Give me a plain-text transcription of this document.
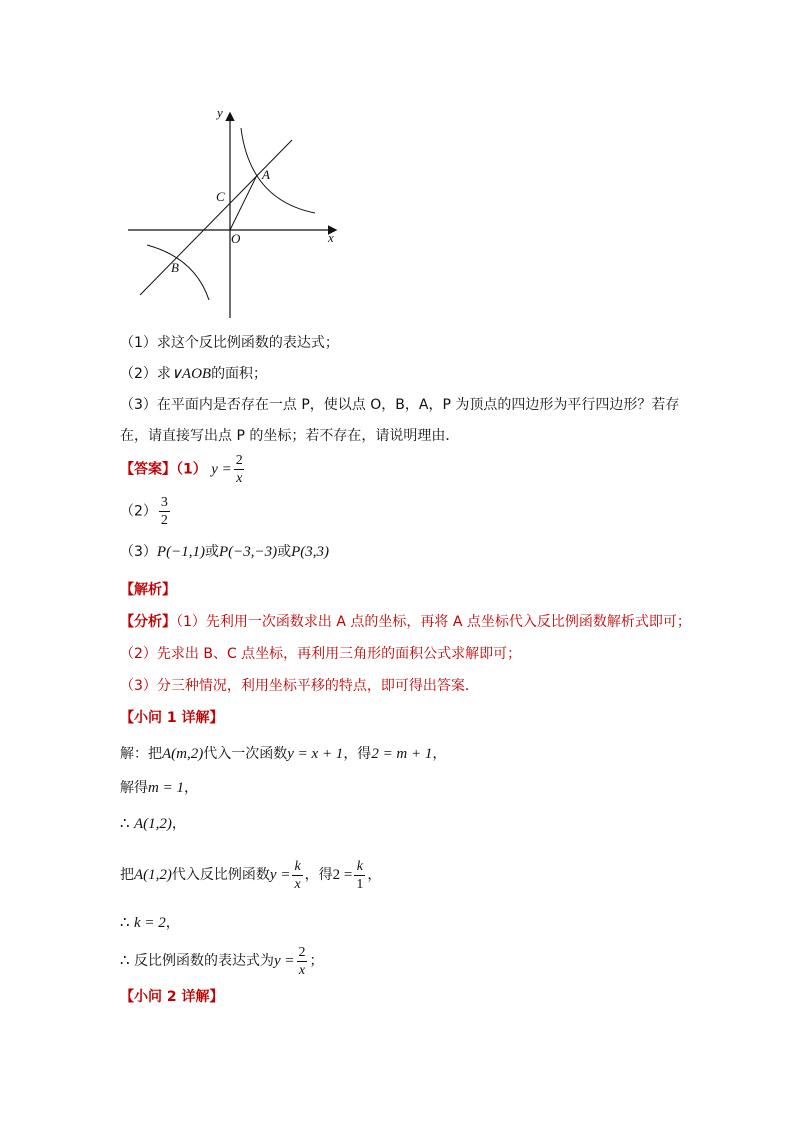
y
x
A
C
O
B
（1）求这个反比例函数的表达式；
（2）求∨AOB的面积；
（3）在平面内是否存在一点 P，使以点 O，B，A，P 为顶点的四边形为平行四边形？若存
在，请直接写出点 P 的坐标；若不存在，请说明理由．
【答案】（1） $y = \frac{2}{x}$
$(2) \frac{3}{2}$
（3）P(−1,1)或P(−3,−3)或P(3,3)
【解析】
【分析】（1）先利用一次函数求出 A 点的坐标，再将 A 点坐标代入反比例函数解析式即可；
（2）先求出 B、C 点坐标，再利用三角形的面积公式求解即可；
（3）分三种情况，利用坐标平移的特点，即可得出答案．
【小问 1 详解】
解：把A(m,2)代入一次函数y = x + 1，得2 = m + 1，
解得m = 1，
∴ A(1,2)，
把A(1,2)代入反比例函数$y = \frac{k}{x}$ ，得$2 = \frac{k}{1}$ ，
∴ k = 2，
∴ 反比例函数的表达式为$y = \frac{2}{x}$ ；
【小问 2 详解】
